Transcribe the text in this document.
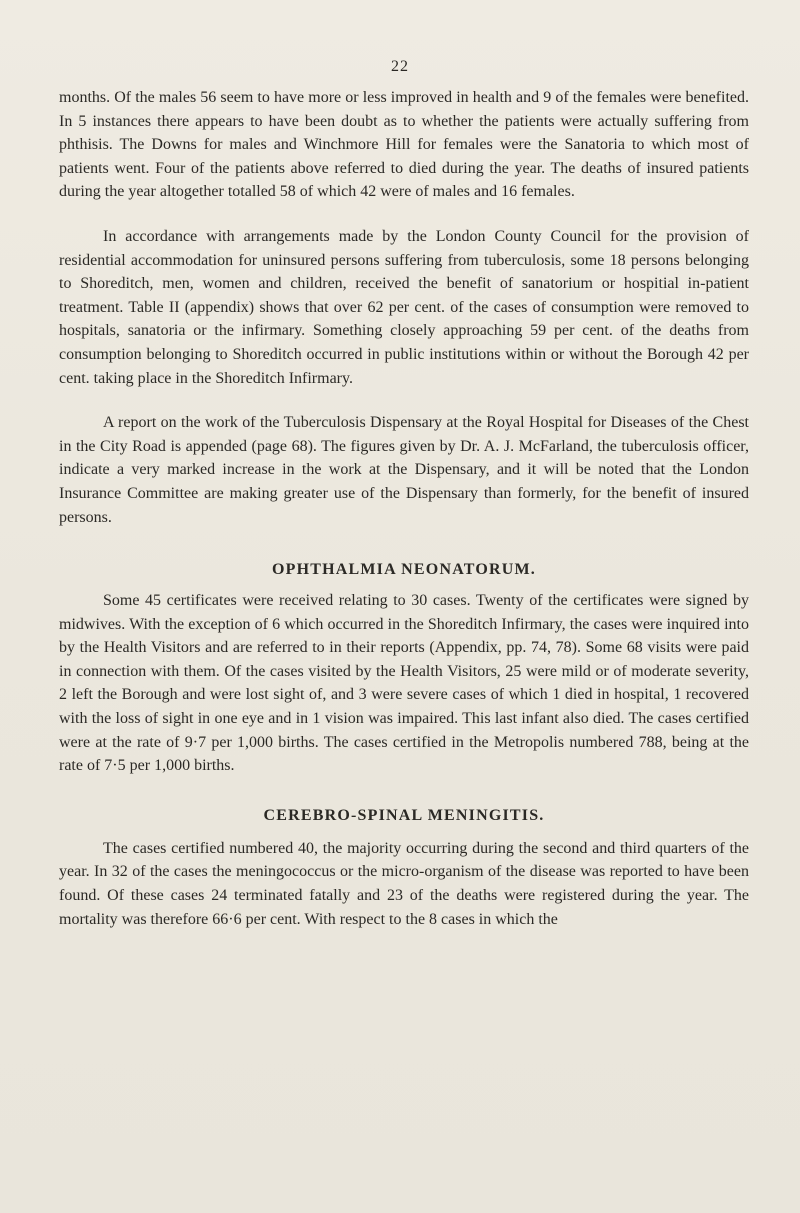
22

months. Of the males 56 seem to have more or less improved in health and 9 of the females were benefited. In 5 instances there appears to have been doubt as to whether the patients were actually suffering from phthisis. The Downs for males and Winchmore Hill for females were the Sanatoria to which most of patients went. Four of the patients above referred to died during the year. The deaths of insured patients during the year altogether totalled 58 of which 42 were of males and 16 females.

In accordance with arrangements made by the London County Council for the provision of residential accommodation for uninsured persons suffering from tuberculosis, some 18 persons belonging to Shoreditch, men, women and children, received the benefit of sanatorium or hospitial in-patient treatment. Table II (appendix) shows that over 62 per cent. of the cases of consumption were removed to hospitals, sanatoria or the infirmary. Something closely approaching 59 per cent. of the deaths from consumption belonging to Shoreditch occurred in public institutions within or without the Borough 42 per cent. taking place in the Shoreditch Infirmary.

A report on the work of the Tuberculosis Dispensary at the Royal Hospital for Diseases of the Chest in the City Road is appended (page 68). The figures given by Dr. A. J. McFarland, the tuberculosis officer, indicate a very marked increase in the work at the Dispensary, and it will be noted that the London Insurance Committee are making greater use of the Dispensary than formerly, for the benefit of insured persons.

OPHTHALMIA NEONATORUM.

Some 45 certificates were received relating to 30 cases. Twenty of the certificates were signed by midwives. With the exception of 6 which occurred in the Shoreditch Infirmary, the cases were inquired into by the Health Visitors and are referred to in their reports (Appendix, pp. 74, 78). Some 68 visits were paid in connection with them. Of the cases visited by the Health Visitors, 25 were mild or of moderate severity, 2 left the Borough and were lost sight of, and 3 were severe cases of which 1 died in hospital, 1 recovered with the loss of sight in one eye and in 1 vision was impaired. This last infant also died. The cases certified were at the rate of 9·7 per 1,000 births. The cases certified in the Metropolis numbered 788, being at the rate of 7·5 per 1,000 births.

CEREBRO-SPINAL MENINGITIS.

The cases certified numbered 40, the majority occurring during the second and third quarters of the year. In 32 of the cases the meningococcus or the micro-organism of the disease was reported to have been found. Of these cases 24 terminated fatally and 23 of the deaths were registered during the year. The mortality was therefore 66·6 per cent. With respect to the 8 cases in which the
